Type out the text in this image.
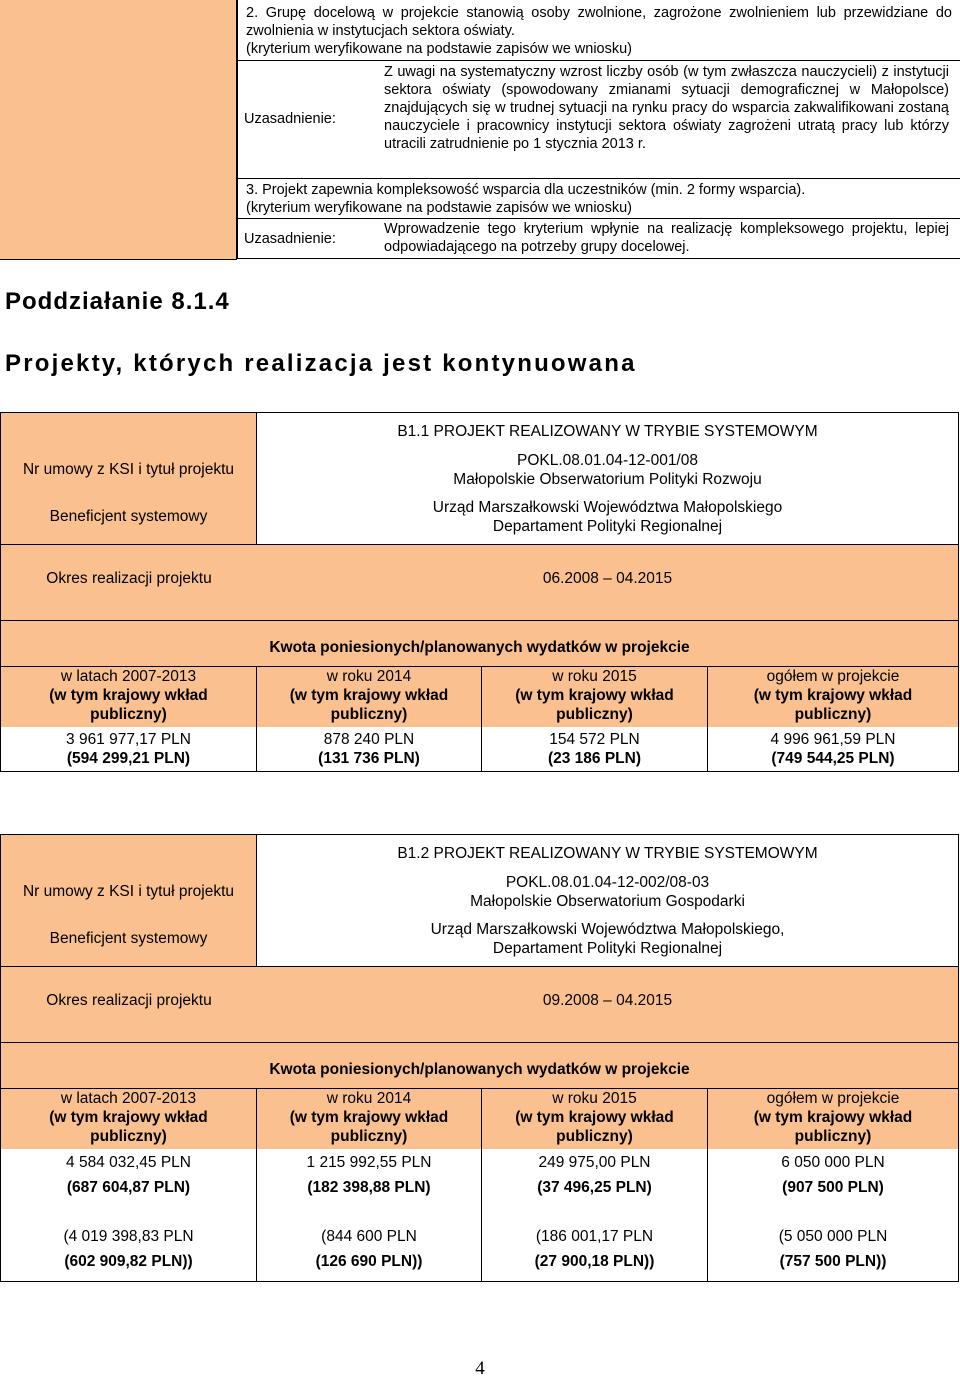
2. Grupę docelową w projekcie stanowią osoby zwolnione, zagrożone zwolnieniem lub przewidziane do zwolnienia w instytucjach sektora oświaty.
(kryterium weryfikowane na podstawie zapisów we wniosku)
Uzasadnienie:
Z uwagi na systematyczny wzrost liczby osób (w tym zwłaszcza nauczycieli) z instytucji sektora oświaty (spowodowany zmianami sytuacji demograficznej w Małopolsce) znajdujących się w trudnej sytuacji na rynku pracy do wsparcia zakwalifikowani zostaną nauczyciele i pracownicy instytucji sektora oświaty zagrożeni utratą pracy lub którzy utracili zatrudnienie po 1 stycznia 2013 r.
3. Projekt zapewnia kompleksowość wsparcia dla uczestników (min. 2 formy wsparcia).
(kryterium weryfikowane na podstawie zapisów we wniosku)
Uzasadnienie:
Wprowadzenie tego kryterium wpłynie na realizację kompleksowego projektu, lepiej odpowiadającego na potrzeby grupy docelowej.
Poddziałanie 8.1.4
Projekty, których realizacja jest kontynuowana
Nr umowy z KSI i tytuł projektu
Beneficjent systemowy
B1.1 PROJEKT REALIZOWANY W TRYBIE SYSTEMOWYM
POKL.08.01.04-12-001/08
Małopolskie Obserwatorium Polityki Rozwoju
Urząd Marszałkowski Województwa Małopolskiego
Departament Polityki Regionalnej
Okres realizacji projektu	06.2008 – 04.2015
Kwota poniesionych/planowanych wydatków w projekcie
w latach 2007-2013
(w tym krajowy wkład
publiczny)
3 961 977,17 PLN
(594 299,21 PLN)
w roku 2014
(w tym krajowy wkład
publiczny)
878 240 PLN
(131 736 PLN)
w roku 2015
(w tym krajowy wkład
publiczny)
154 572 PLN
(23 186 PLN)
ogółem w projekcie
(w tym krajowy wkład
publiczny)
4 996 961,59 PLN
(749 544,25 PLN)
Nr umowy z KSI i tytuł projektu
Beneficjent systemowy
B1.2 PROJEKT REALIZOWANY W TRYBIE SYSTEMOWYM
POKL.08.01.04-12-002/08-03
Małopolskie Obserwatorium Gospodarki
Urząd Marszałkowski Województwa Małopolskiego,
Departament Polityki Regionalnej
Okres realizacji projektu	09.2008 – 04.2015
Kwota poniesionych/planowanych wydatków w projekcie
w latach 2007-2013
(w tym krajowy wkład
publiczny)
4 584 032,45 PLN
(687 604,87 PLN)
(4 019 398,83 PLN
(602 909,82 PLN))
w roku 2014
(w tym krajowy wkład
publiczny)
1 215 992,55 PLN
(182 398,88 PLN)
(844 600 PLN
(126 690 PLN))
w roku 2015
(w tym krajowy wkład
publiczny)
249 975,00 PLN
(37 496,25 PLN)
(186 001,17 PLN
(27 900,18 PLN))
ogółem w projekcie
(w tym krajowy wkład
publiczny)
6 050 000 PLN
(907 500 PLN)
(5 050 000 PLN
(757 500 PLN))
4
